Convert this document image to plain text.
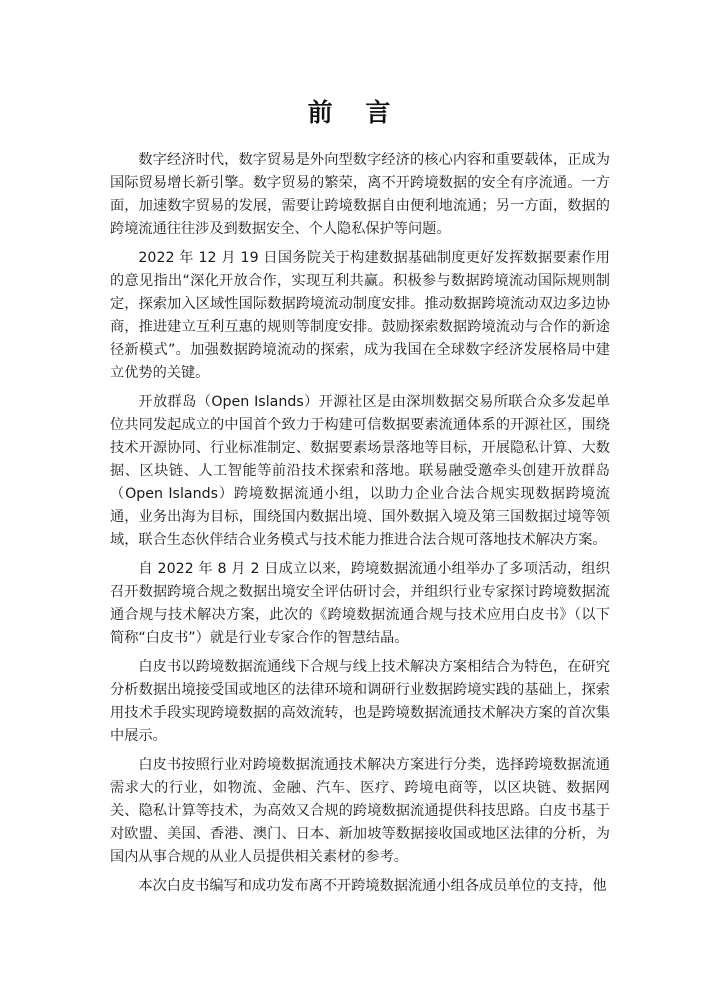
前 言

数字经济时代，数字贸易是外向型数字经济的核心内容和重要载体，正成为国际贸易增长新引擎。数字贸易的繁荣，离不开跨境数据的安全有序流通。一方面，加速数字贸易的发展，需要让跨境数据自由便利地流通；另一方面，数据的跨境流通往往涉及到数据安全、个人隐私保护等问题。

2022 年 12 月 19 日国务院关于构建数据基础制度更好发挥数据要素作用的意见指出“深化开放合作，实现互利共赢。积极参与数据跨境流动国际规则制定，探索加入区域性国际数据跨境流动制度安排。推动数据跨境流动双边多边协商，推进建立互利互惠的规则等制度安排。鼓励探索数据跨境流动与合作的新途径新模式”。加强数据跨境流动的探索，成为我国在全球数字经济发展格局中建立优势的关键。

开放群岛（Open Islands）开源社区是由深圳数据交易所联合众多发起单位共同发起成立的中国首个致力于构建可信数据要素流通体系的开源社区，围绕技术开源协同、行业标准制定、数据要素场景落地等目标，开展隐私计算、大数据、区块链、人工智能等前沿技术探索和落地。联易融受邀牵头创建开放群岛（Open Islands）跨境数据流通小组，以助力企业合法合规实现数据跨境流通，业务出海为目标，围绕国内数据出境、国外数据入境及第三国数据过境等领域，联合生态伙伴结合业务模式与技术能力推进合法合规可落地技术解决方案。

自 2022 年 8 月 2 日成立以来，跨境数据流通小组举办了多项活动，组织召开数据跨境合规之数据出境安全评估研讨会，并组织行业专家探讨跨境数据流通合规与技术解决方案，此次的《跨境数据流通合规与技术应用白皮书》（以下简称“白皮书”）就是行业专家合作的智慧结晶。

白皮书以跨境数据流通线下合规与线上技术解决方案相结合为特色，在研究分析数据出境接受国或地区的法律环境和调研行业数据跨境实践的基础上，探索用技术手段实现跨境数据的高效流转，也是跨境数据流通技术解决方案的首次集中展示。

白皮书按照行业对跨境数据流通技术解决方案进行分类，选择跨境数据流通需求大的行业，如物流、金融、汽车、医疗、跨境电商等，以区块链、数据网关、隐私计算等技术，为高效又合规的跨境数据流通提供科技思路。白皮书基于对欧盟、美国、香港、澳门、日本、新加坡等数据接收国或地区法律的分析，为国内从事合规的从业人员提供相关素材的参考。

本次白皮书编写和成功发布离不开跨境数据流通小组各成员单位的支持，他
